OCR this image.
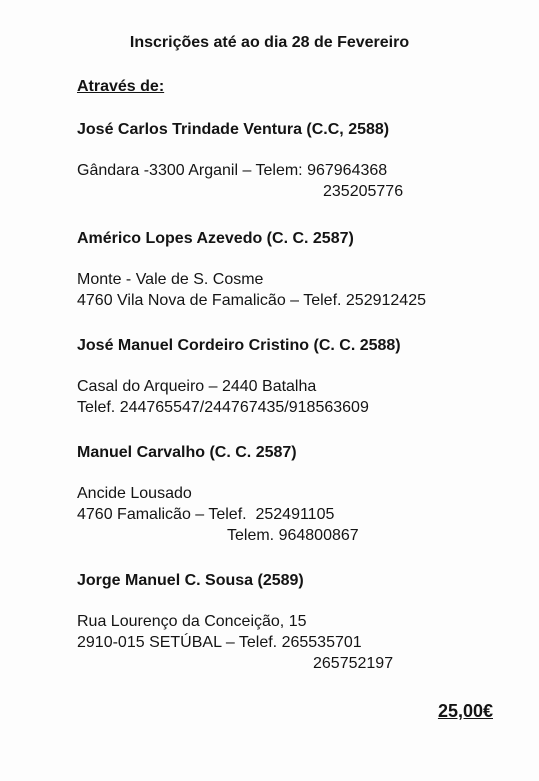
Inscrições até ao dia 28 de Fevereiro
Através de:
José Carlos Trindade Ventura (C.C, 2588)
Gândara -3300 Arganil – Telem: 967964368
235205776
Américo Lopes Azevedo (C. C. 2587)
Monte - Vale de S. Cosme
4760 Vila Nova de Famalicão – Telef. 252912425
José Manuel Cordeiro Cristino (C. C. 2588)
Casal do Arqueiro – 2440 Batalha
Telef. 244765547/244767435/918563609
Manuel Carvalho (C. C. 2587)
Ancide Lousado
4760 Famalicão – Telef.  252491105
Telem. 964800867
Jorge Manuel C. Sousa (2589)
Rua Lourenço da Conceição, 15
2910-015 SETÚBAL – Telef. 265535701
265752197
25,00€
